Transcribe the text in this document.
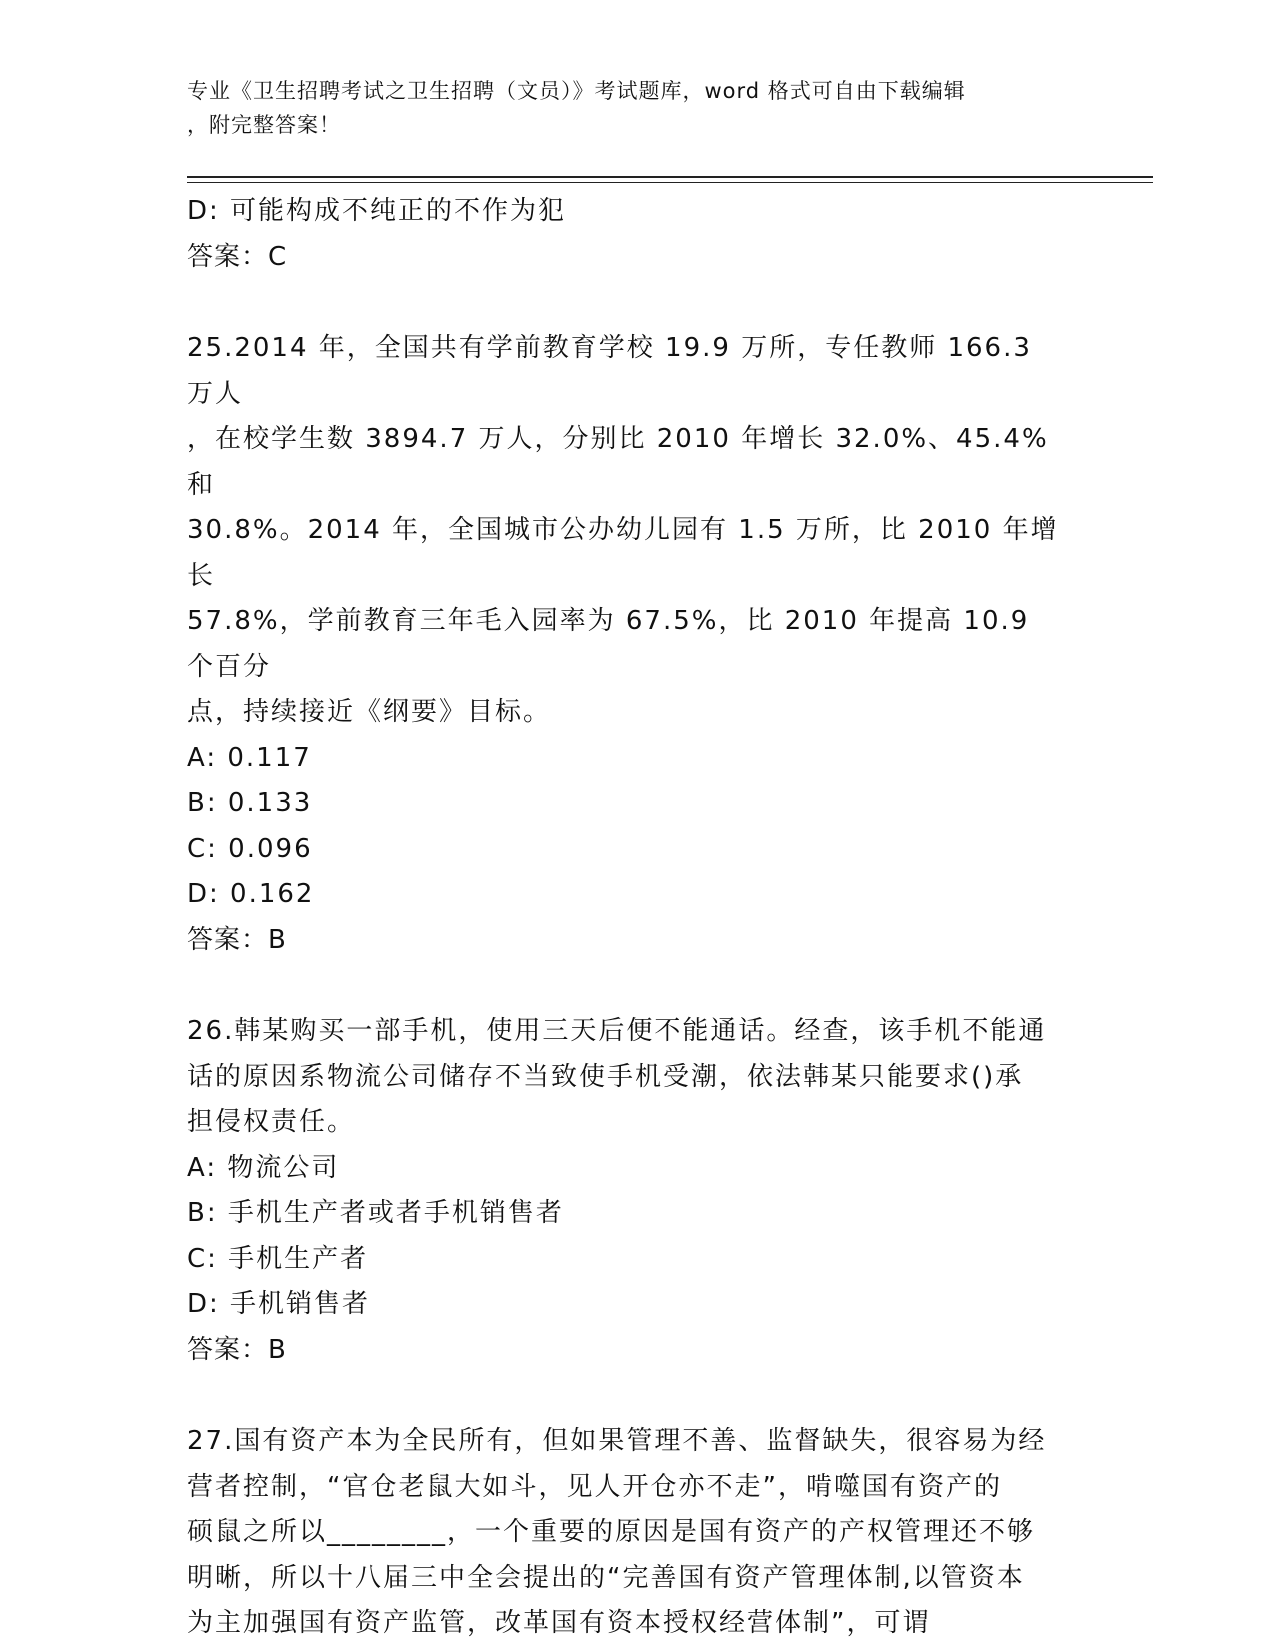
专业《卫生招聘考试之卫生招聘（文员）》考试题库，word 格式可自由下载编辑
，附完整答案！
D: 可能构成不纯正的不作为犯
答案：C
25.2014 年，全国共有学前教育学校 19.9 万所，专任教师 166.3 万人
，在校学生数 3894.7 万人，分别比 2010 年增长 32.0%、45.4%和
30.8%。2014 年，全国城市公办幼儿园有 1.5 万所，比 2010 年增长
57.8%，学前教育三年毛入园率为 67.5%，比 2010 年提高 10.9 个百分
点，持续接近《纲要》目标。
A: 0.117
B: 0.133
C: 0.096
D: 0.162
答案：B
26.韩某购买一部手机，使用三天后便不能通话。经查，该手机不能通
话的原因系物流公司储存不当致使手机受潮，依法韩某只能要求()承
担侵权责任。
A: 物流公司
B: 手机生产者或者手机销售者
C: 手机生产者
D: 手机销售者
答案：B
27.国有资产本为全民所有，但如果管理不善、监督缺失，很容易为经
营者控制，“官仓老鼠大如斗，见人开仓亦不走”，啃噬国有资产的
硕鼠之所以________，一个重要的原因是国有资产的产权管理还不够
明晰，所以十八届三中全会提出的“完善国有资产管理体制,以管资本
为主加强国有资产监管，改革国有资本授权经营体制”，可谓
